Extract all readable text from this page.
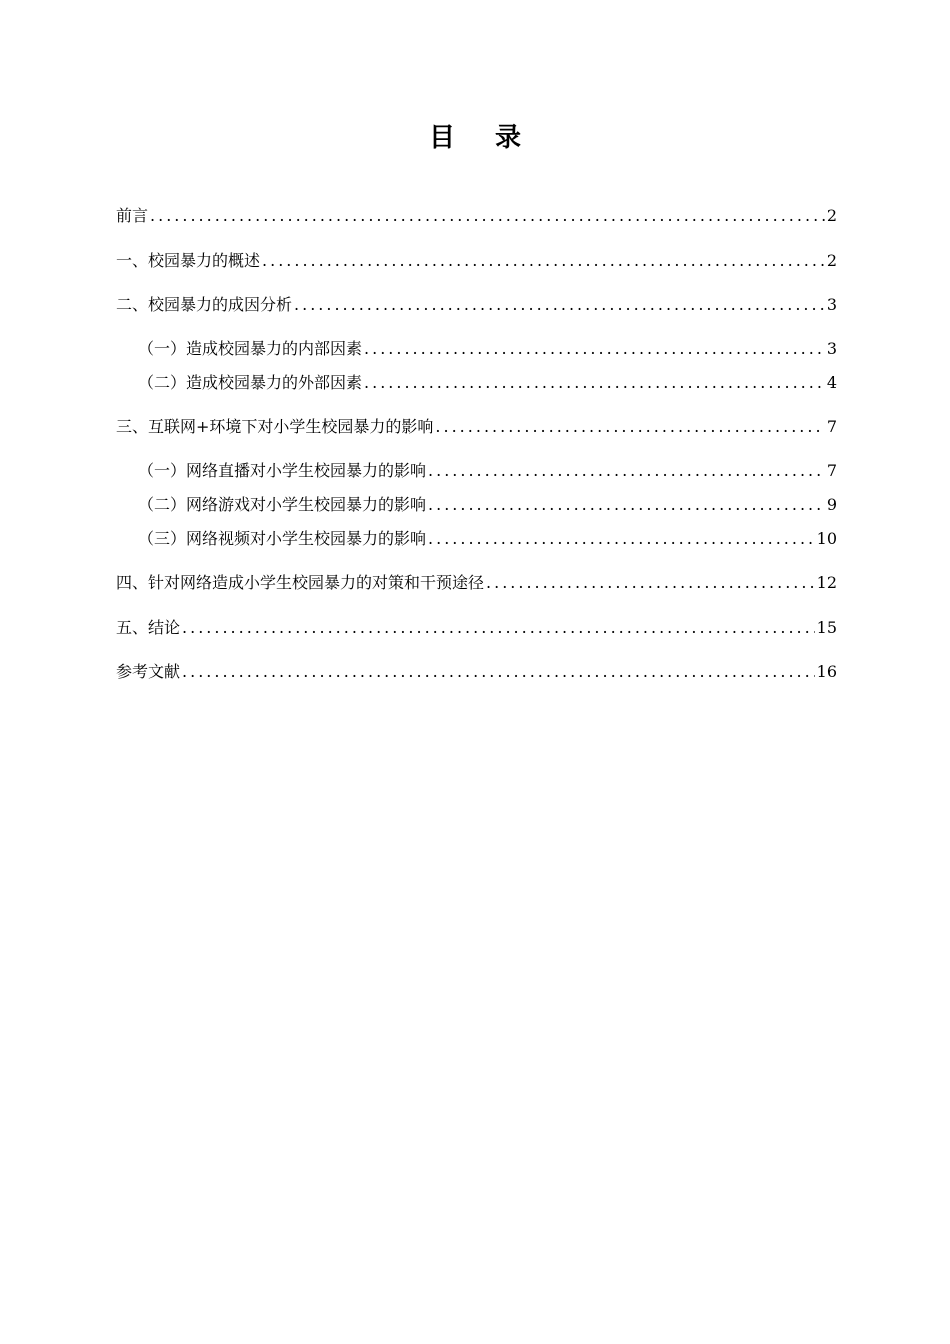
目 录
前言 .....	2
一、校园暴力的概述 .....	2
二、校园暴力的成因分析 .....	3
（一）造成校园暴力的内部因素 .....	3
（二）造成校园暴力的外部因素 .....	4
三、互联网+环境下对小学生校园暴力的影响 .....	7
（一）网络直播对小学生校园暴力的影响 .....	7
（二）网络游戏对小学生校园暴力的影响 .....	9
（三）网络视频对小学生校园暴力的影响 .....	10
四、针对网络造成小学生校园暴力的对策和干预途径 .....	12
五、结论 .....	15
参考文献 .....	16
